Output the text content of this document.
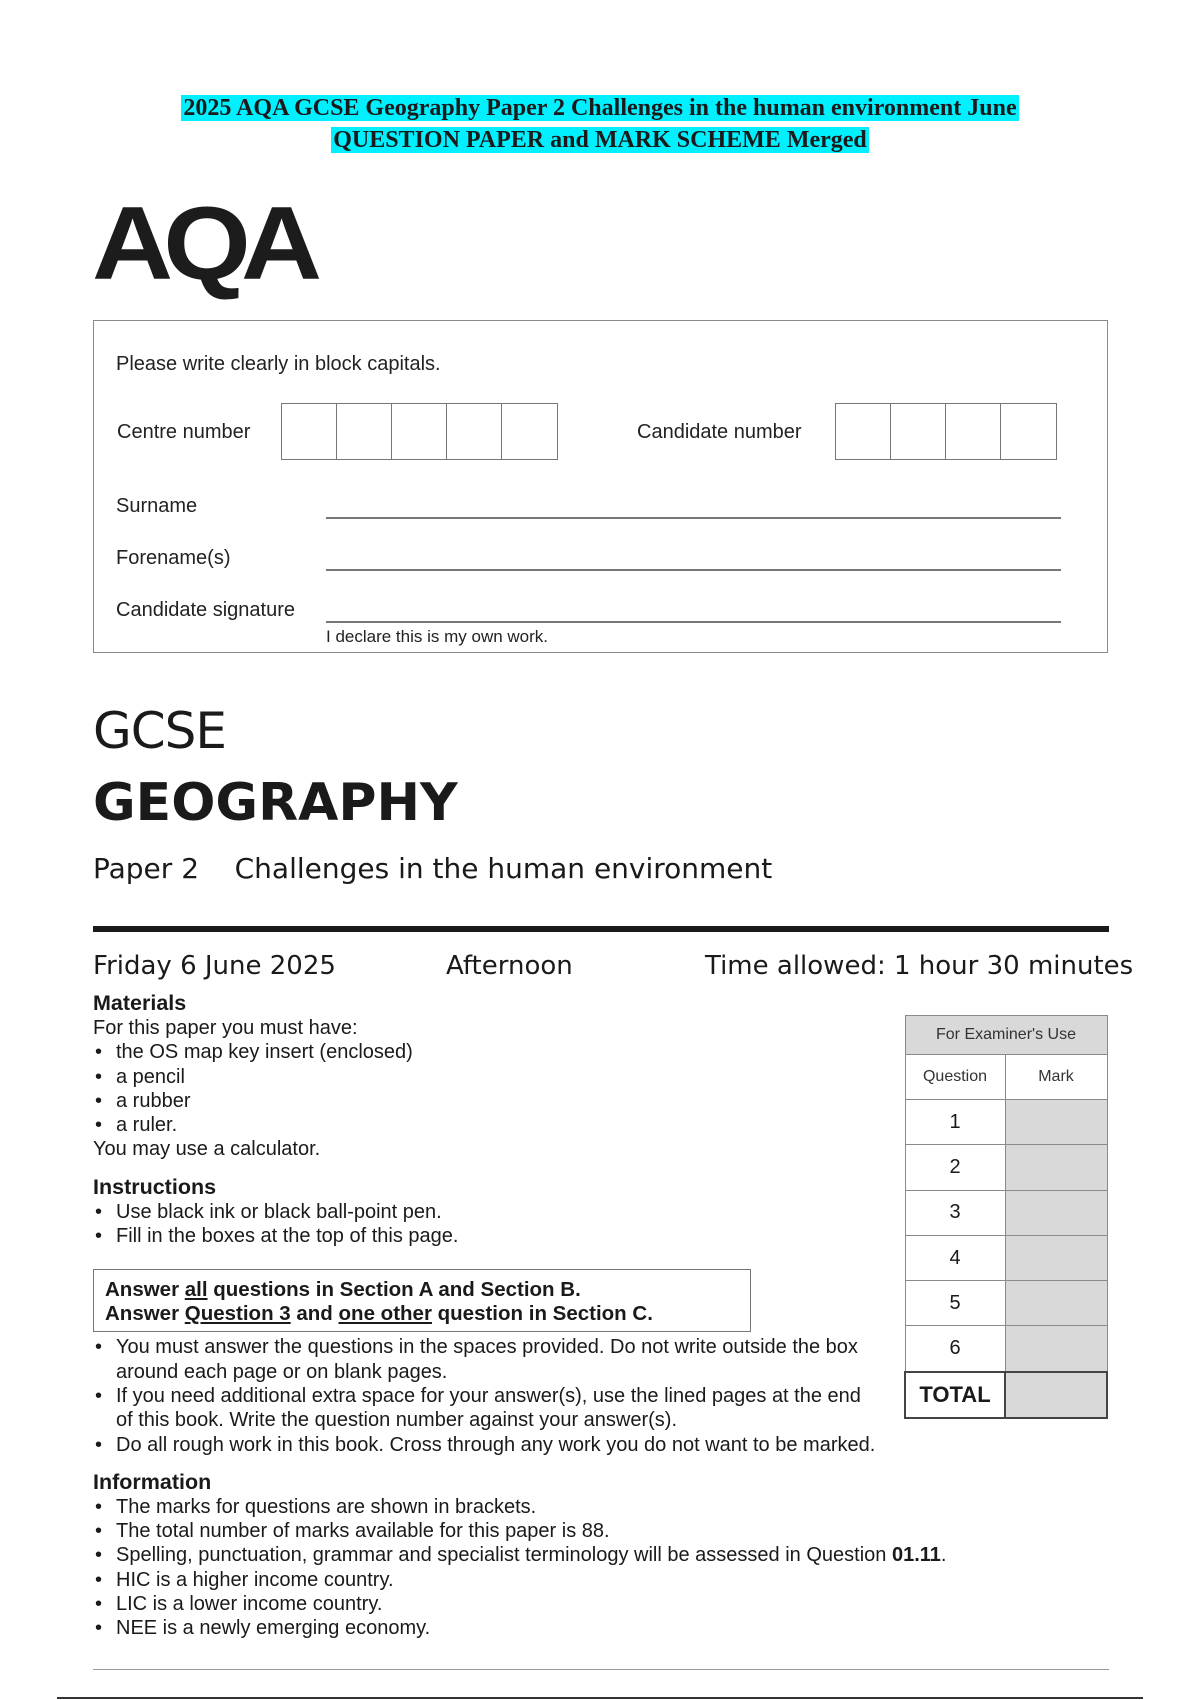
2025 AQA GCSE Geography Paper 2 Challenges in the human environment June
QUESTION PAPER and MARK SCHEME Merged
AQA
Please write clearly in block capitals.
Centre number	Candidate number
Surname
Forename(s)
Candidate signature
I declare this is my own work.
GCSE
GEOGRAPHY
Paper 2    Challenges in the human environment
Friday 6 June 2025	Afternoon	Time allowed: 1 hour 30 minutes
Materials

For this paper you must have:

• the OS map key insert (enclosed)
• a pencil
• a rubber
• a ruler.

You may use a calculator.

Instructions
• Use black ink or black ball-point pen.
• Fill in the boxes at the top of this page.
• You must answer the questions in the spaces provided. Do not write outside the box around each page or on blank pages.
• If you need additional extra space for your answer(s), use the lined pages at the end of this book. Write the question number against your answer(s).
• Do all rough work in this book. Cross through any work you do not want to be marked.
Information
• The marks for questions are shown in brackets.
• The total number of marks available for this paper is 88.
• Spelling, punctuation, grammar and specialist terminology will be assessed in Question 01.11.
• HIC is a higher income country.
• LIC is a lower income country.
• NEE is a newly emerging economy.
Answer all questions in Section A and Section B.
Answer Question 3 and one other question in Section C.
For Examiner's Use	
Question	Mark
1	
2	
3	
4	
5	
6	
TOTAL	
